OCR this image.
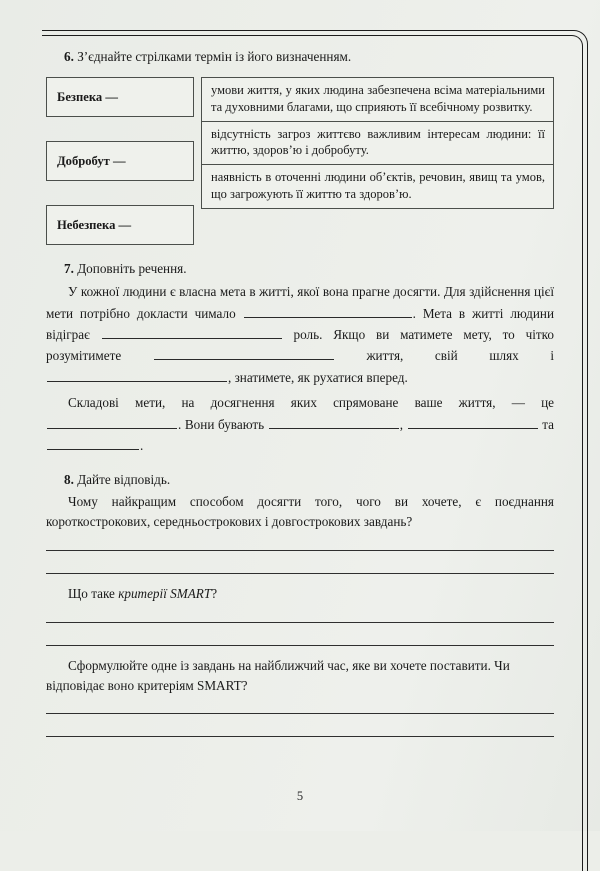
6. З’єднайте стрілками термін із його визначенням.

Безпека —
Добробут —
Небезпека —
умови життя, у яких людина забезпечена всіма матеріальними та духовними благами, що сприяють її всебічному розвитку.
відсутність загроз життєво важливим інтересам людини: її життю, здоров’ю і добробуту.
наявність в оточенні людини об’єктів, речовин, явищ та умов, що загрожують її життю та здоров’ю.

7. Доповніть речення.

У кожної людини є власна мета в житті, якої вона прагне досягти. Для здійснення цієї мети потрібно докласти чимало	. Мета в житті людини відіграє	роль. Якщо ви матимете мету, то чітко розумітимете	життя, свій шлях і , знатимете, як рухатися вперед.

Складові мети, на досягнення яких спрямоване ваше життя, — це . Вони бувають	,	та .

8. Дайте відповідь.

Чому найкращим способом досягти того, чого ви хочете, є поєднання короткострокових, середньострокових і довгострокових завдань?

Що таке критерії SMART?

Сформулюйте одне із завдань на найближчий час, яке ви хочете поставити. Чи відповідає воно критеріям SMART?

5
